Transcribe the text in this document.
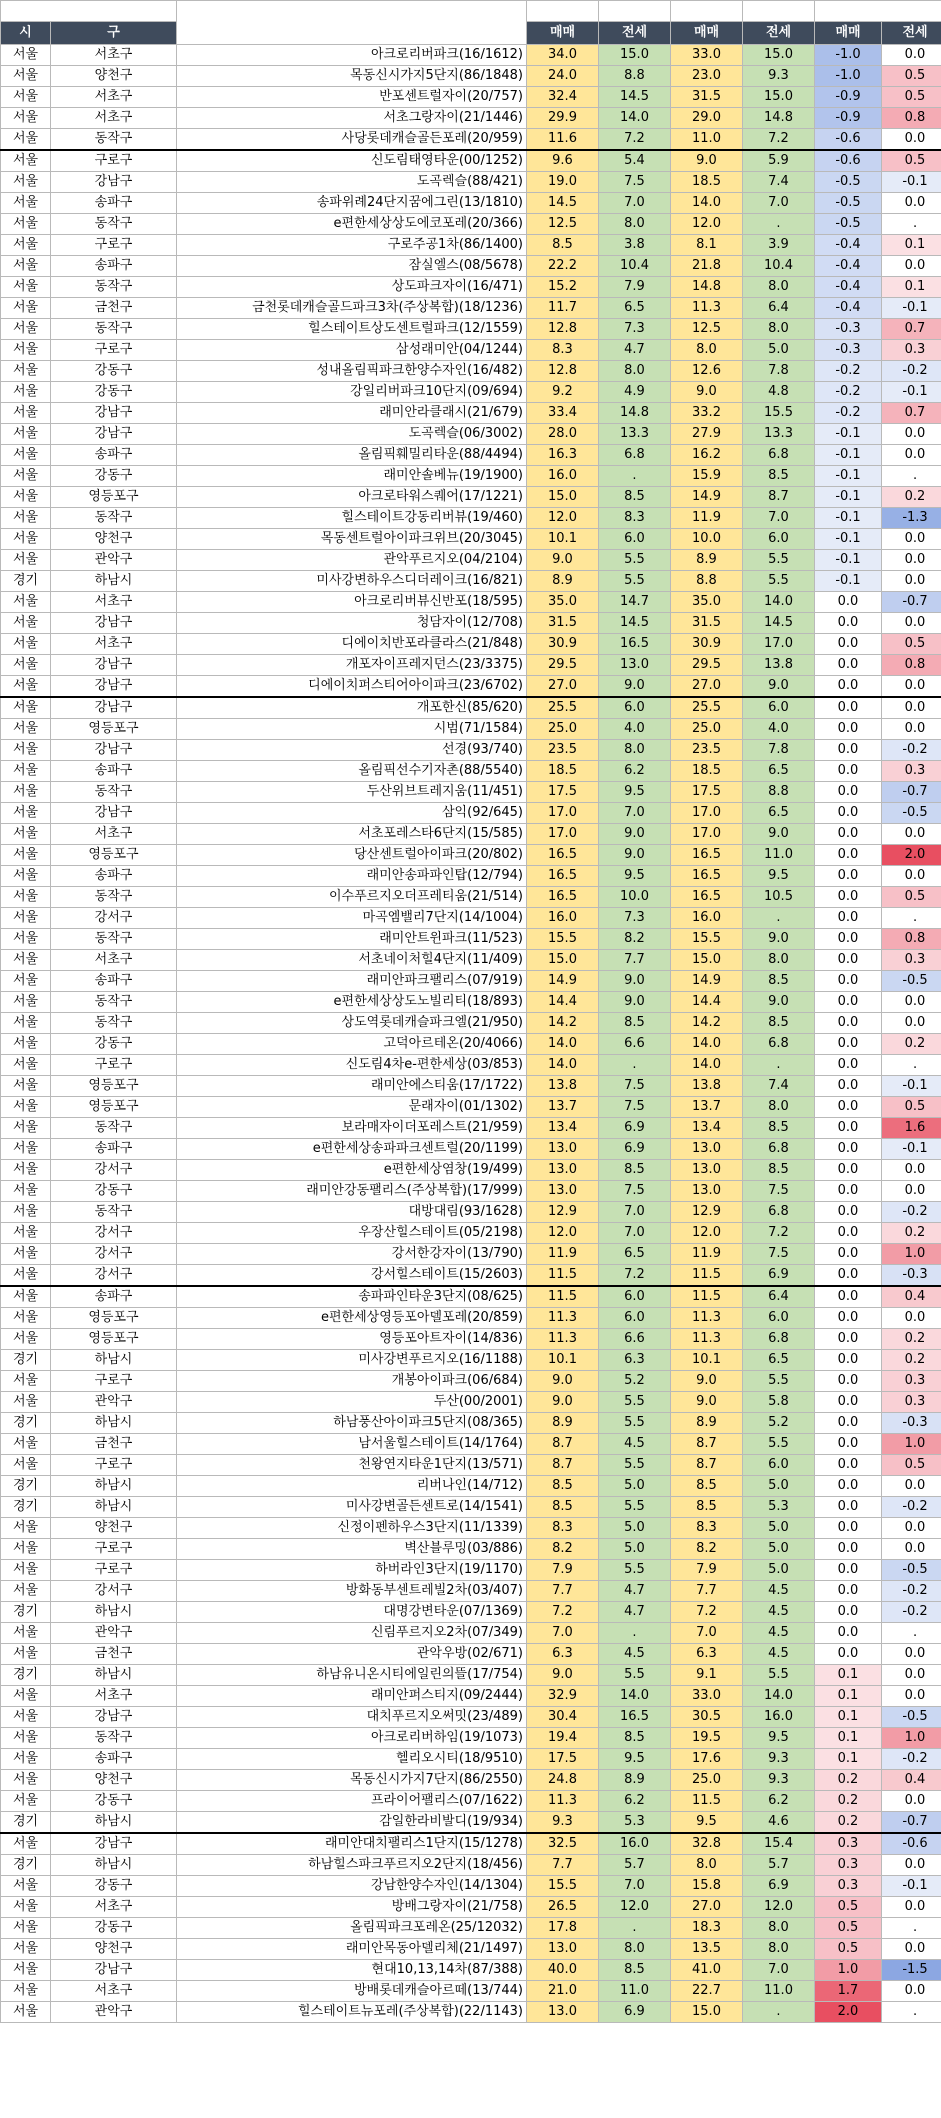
		강남/서초/송파/강동/하남/동작/영등포/금천/관악/구로/양천/강서(84)	24년 1월	24년 1월	24년 2월	24년 2월	변동(1달)	
시	구		매매	전세	매매	전세	매매	전세
서울	서초구	아크로리버파크(16/1612)	34.0	15.0	33.0	15.0	-1.0	0.0
서울	양천구	목동신시가지5단지(86/1848)	24.0	8.8	23.0	9.3	-1.0	0.5
서울	서초구	반포센트럴자이(20/757)	32.4	14.5	31.5	15.0	-0.9	0.5
서울	서초구	서초그랑자이(21/1446)	29.9	14.0	29.0	14.8	-0.9	0.8
서울	동작구	사당롯데캐슬골든포레(20/959)	11.6	7.2	11.0	7.2	-0.6	0.0
서울	구로구	신도림태영타운(00/1252)	9.6	5.4	9.0	5.9	-0.6	0.5
서울	강남구	도곡렉슬(88/421)	19.0	7.5	18.5	7.4	-0.5	-0.1
서울	송파구	송파위례24단지꿈에그린(13/1810)	14.5	7.0	14.0	7.0	-0.5	0.0
서울	동작구	e편한세상상도에코포레(20/366)	12.5	8.0	12.0	.	-0.5	.
서울	구로구	구로주공1차(86/1400)	8.5	3.8	8.1	3.9	-0.4	0.1
서울	송파구	잠실엘스(08/5678)	22.2	10.4	21.8	10.4	-0.4	0.0
서울	동작구	상도파크자이(16/471)	15.2	7.9	14.8	8.0	-0.4	0.1
서울	금천구	금천롯데캐슬골드파크3차(주상복합)(18/1236)	11.7	6.5	11.3	6.4	-0.4	-0.1
서울	동작구	힐스테이트상도센트럴파크(12/1559)	12.8	7.3	12.5	8.0	-0.3	0.7
서울	구로구	삼성래미안(04/1244)	8.3	4.7	8.0	5.0	-0.3	0.3
서울	강동구	성내올림픽파크한양수자인(16/482)	12.8	8.0	12.6	7.8	-0.2	-0.2
서울	강동구	강일리버파크10단지(09/694)	9.2	4.9	9.0	4.8	-0.2	-0.1
서울	강남구	래미안라클래시(21/679)	33.4	14.8	33.2	15.5	-0.2	0.7
서울	강남구	도곡렉슬(06/3002)	28.0	13.3	27.9	13.3	-0.1	0.0
서울	송파구	올림픽훼밀리타운(88/4494)	16.3	6.8	16.2	6.8	-0.1	0.0
서울	강동구	래미안솔베뉴(19/1900)	16.0	.	15.9	8.5	-0.1	.
서울	영등포구	아크로타워스퀘어(17/1221)	15.0	8.5	14.9	8.7	-0.1	0.2
서울	동작구	힐스테이트강동리버뷰(19/460)	12.0	8.3	11.9	7.0	-0.1	-1.3
서울	양천구	목동센트럴아이파크위브(20/3045)	10.1	6.0	10.0	6.0	-0.1	0.0
서울	관악구	관악푸르지오(04/2104)	9.0	5.5	8.9	5.5	-0.1	0.0
경기	하남시	미사강변하우스디더레이크(16/821)	8.9	5.5	8.8	5.5	-0.1	0.0
서울	서초구	아크로리버뷰신반포(18/595)	35.0	14.7	35.0	14.0	0.0	-0.7
서울	강남구	청담자이(12/708)	31.5	14.5	31.5	14.5	0.0	0.0
서울	서초구	디에이치반포라클라스(21/848)	30.9	16.5	30.9	17.0	0.0	0.5
서울	강남구	개포자이프레지던스(23/3375)	29.5	13.0	29.5	13.8	0.0	0.8
서울	강남구	디에이치퍼스티어아이파크(23/6702)	27.0	9.0	27.0	9.0	0.0	0.0
서울	강남구	개포한신(85/620)	25.5	6.0	25.5	6.0	0.0	0.0
서울	영등포구	시범(71/1584)	25.0	4.0	25.0	4.0	0.0	0.0
서울	강남구	선경(93/740)	23.5	8.0	23.5	7.8	0.0	-0.2
서울	송파구	올림픽선수기자촌(88/5540)	18.5	6.2	18.5	6.5	0.0	0.3
서울	동작구	두산위브트레지움(11/451)	17.5	9.5	17.5	8.8	0.0	-0.7
서울	강남구	삼익(92/645)	17.0	7.0	17.0	6.5	0.0	-0.5
서울	서초구	서초포레스타6단지(15/585)	17.0	9.0	17.0	9.0	0.0	0.0
서울	영등포구	당산센트럴아이파크(20/802)	16.5	9.0	16.5	11.0	0.0	2.0
서울	송파구	래미안송파파인탑(12/794)	16.5	9.5	16.5	9.5	0.0	0.0
서울	동작구	이수푸르지오더프레티움(21/514)	16.5	10.0	16.5	10.5	0.0	0.5
서울	강서구	마곡엠밸리7단지(14/1004)	16.0	7.3	16.0	.	0.0	.
서울	동작구	래미안트윈파크(11/523)	15.5	8.2	15.5	9.0	0.0	0.8
서울	서초구	서초네이처힐4단지(11/409)	15.0	7.7	15.0	8.0	0.0	0.3
서울	송파구	래미안파크팰리스(07/919)	14.9	9.0	14.9	8.5	0.0	-0.5
서울	동작구	e편한세상상도노빌리티(18/893)	14.4	9.0	14.4	9.0	0.0	0.0
서울	동작구	상도역롯데캐슬파크엘(21/950)	14.2	8.5	14.2	8.5	0.0	0.0
서울	강동구	고덕아르테온(20/4066)	14.0	6.6	14.0	6.8	0.0	0.2
서울	구로구	신도림4차e-편한세상(03/853)	14.0	.	14.0	.	0.0	.
서울	영등포구	래미안에스티움(17/1722)	13.8	7.5	13.8	7.4	0.0	-0.1
서울	영등포구	문래자이(01/1302)	13.7	7.5	13.7	8.0	0.0	0.5
서울	동작구	보라매자이더포레스트(21/959)	13.4	6.9	13.4	8.5	0.0	1.6
서울	송파구	e편한세상송파파크센트럴(20/1199)	13.0	6.9	13.0	6.8	0.0	-0.1
서울	강서구	e편한세상염창(19/499)	13.0	8.5	13.0	8.5	0.0	0.0
서울	강동구	래미안강동팰리스(주상복합)(17/999)	13.0	7.5	13.0	7.5	0.0	0.0
서울	동작구	대방대림(93/1628)	12.9	7.0	12.9	6.8	0.0	-0.2
서울	강서구	우장산힐스테이트(05/2198)	12.0	7.0	12.0	7.2	0.0	0.2
서울	강서구	강서한강자이(13/790)	11.9	6.5	11.9	7.5	0.0	1.0
서울	강서구	강서힐스테이트(15/2603)	11.5	7.2	11.5	6.9	0.0	-0.3
서울	송파구	송파파인타운3단지(08/625)	11.5	6.0	11.5	6.4	0.0	0.4
서울	영등포구	e편한세상영등포아델포레(20/859)	11.3	6.0	11.3	6.0	0.0	0.0
서울	영등포구	영등포아트자이(14/836)	11.3	6.6	11.3	6.8	0.0	0.2
경기	하남시	미사강변푸르지오(16/1188)	10.1	6.3	10.1	6.5	0.0	0.2
서울	구로구	개봉아이파크(06/684)	9.0	5.2	9.0	5.5	0.0	0.3
서울	관악구	두산(00/2001)	9.0	5.5	9.0	5.8	0.0	0.3
경기	하남시	하남풍산아이파크5단지(08/365)	8.9	5.5	8.9	5.2	0.0	-0.3
서울	금천구	남서울힐스테이트(14/1764)	8.7	4.5	8.7	5.5	0.0	1.0
서울	구로구	천왕연지타운1단지(13/571)	8.7	5.5	8.7	6.0	0.0	0.5
경기	하남시	리버나인(14/712)	8.5	5.0	8.5	5.0	0.0	0.0
경기	하남시	미사강변골든센트로(14/1541)	8.5	5.5	8.5	5.3	0.0	-0.2
서울	양천구	신정이펜하우스3단지(11/1339)	8.3	5.0	8.3	5.0	0.0	0.0
서울	구로구	벽산블루밍(03/886)	8.2	5.0	8.2	5.0	0.0	0.0
서울	구로구	하버라인3단지(19/1170)	7.9	5.5	7.9	5.0	0.0	-0.5
서울	강서구	방화동부센트레빌2차(03/407)	7.7	4.7	7.7	4.5	0.0	-0.2
경기	하남시	대명강변타운(07/1369)	7.2	4.7	7.2	4.5	0.0	-0.2
서울	관악구	신림푸르지오2차(07/349)	7.0	.	7.0	4.5	0.0	.
서울	금천구	관악우방(02/671)	6.3	4.5	6.3	4.5	0.0	0.0
경기	하남시	하남유니온시티에일린의뜰(17/754)	9.0	5.5	9.1	5.5	0.1	0.0
서울	서초구	래미안퍼스티지(09/2444)	32.9	14.0	33.0	14.0	0.1	0.0
서울	강남구	대치푸르지오써밋(23/489)	30.4	16.5	30.5	16.0	0.1	-0.5
서울	동작구	아크로리버하임(19/1073)	19.4	8.5	19.5	9.5	0.1	1.0
서울	송파구	헬리오시티(18/9510)	17.5	9.5	17.6	9.3	0.1	-0.2
서울	양천구	목동신시가지7단지(86/2550)	24.8	8.9	25.0	9.3	0.2	0.4
서울	강동구	프라이어팰리스(07/1622)	11.3	6.2	11.5	6.2	0.2	0.0
경기	하남시	감일한라비발디(19/934)	9.3	5.3	9.5	4.6	0.2	-0.7
서울	강남구	래미안대치팰리스1단지(15/1278)	32.5	16.0	32.8	15.4	0.3	-0.6
경기	하남시	하남힐스파크푸르지오2단지(18/456)	7.7	5.7	8.0	5.7	0.3	0.0
서울	강동구	강남한양수자인(14/1304)	15.5	7.0	15.8	6.9	0.3	-0.1
서울	서초구	방배그랑자이(21/758)	26.5	12.0	27.0	12.0	0.5	0.0
서울	강동구	올림픽파크포레온(25/12032)	17.8	.	18.3	8.0	0.5	.
서울	양천구	래미안목동아델리체(21/1497)	13.0	8.0	13.5	8.0	0.5	0.0
서울	강남구	현대10,13,14차(87/388)	40.0	8.5	41.0	7.0	1.0	-1.5
서울	서초구	방배롯데캐슬아르떼(13/744)	21.0	11.0	22.7	11.0	1.7	0.0
서울	관악구	힐스테이트뉴포레(주상복합)(22/1143)	13.0	6.9	15.0	.	2.0	.
